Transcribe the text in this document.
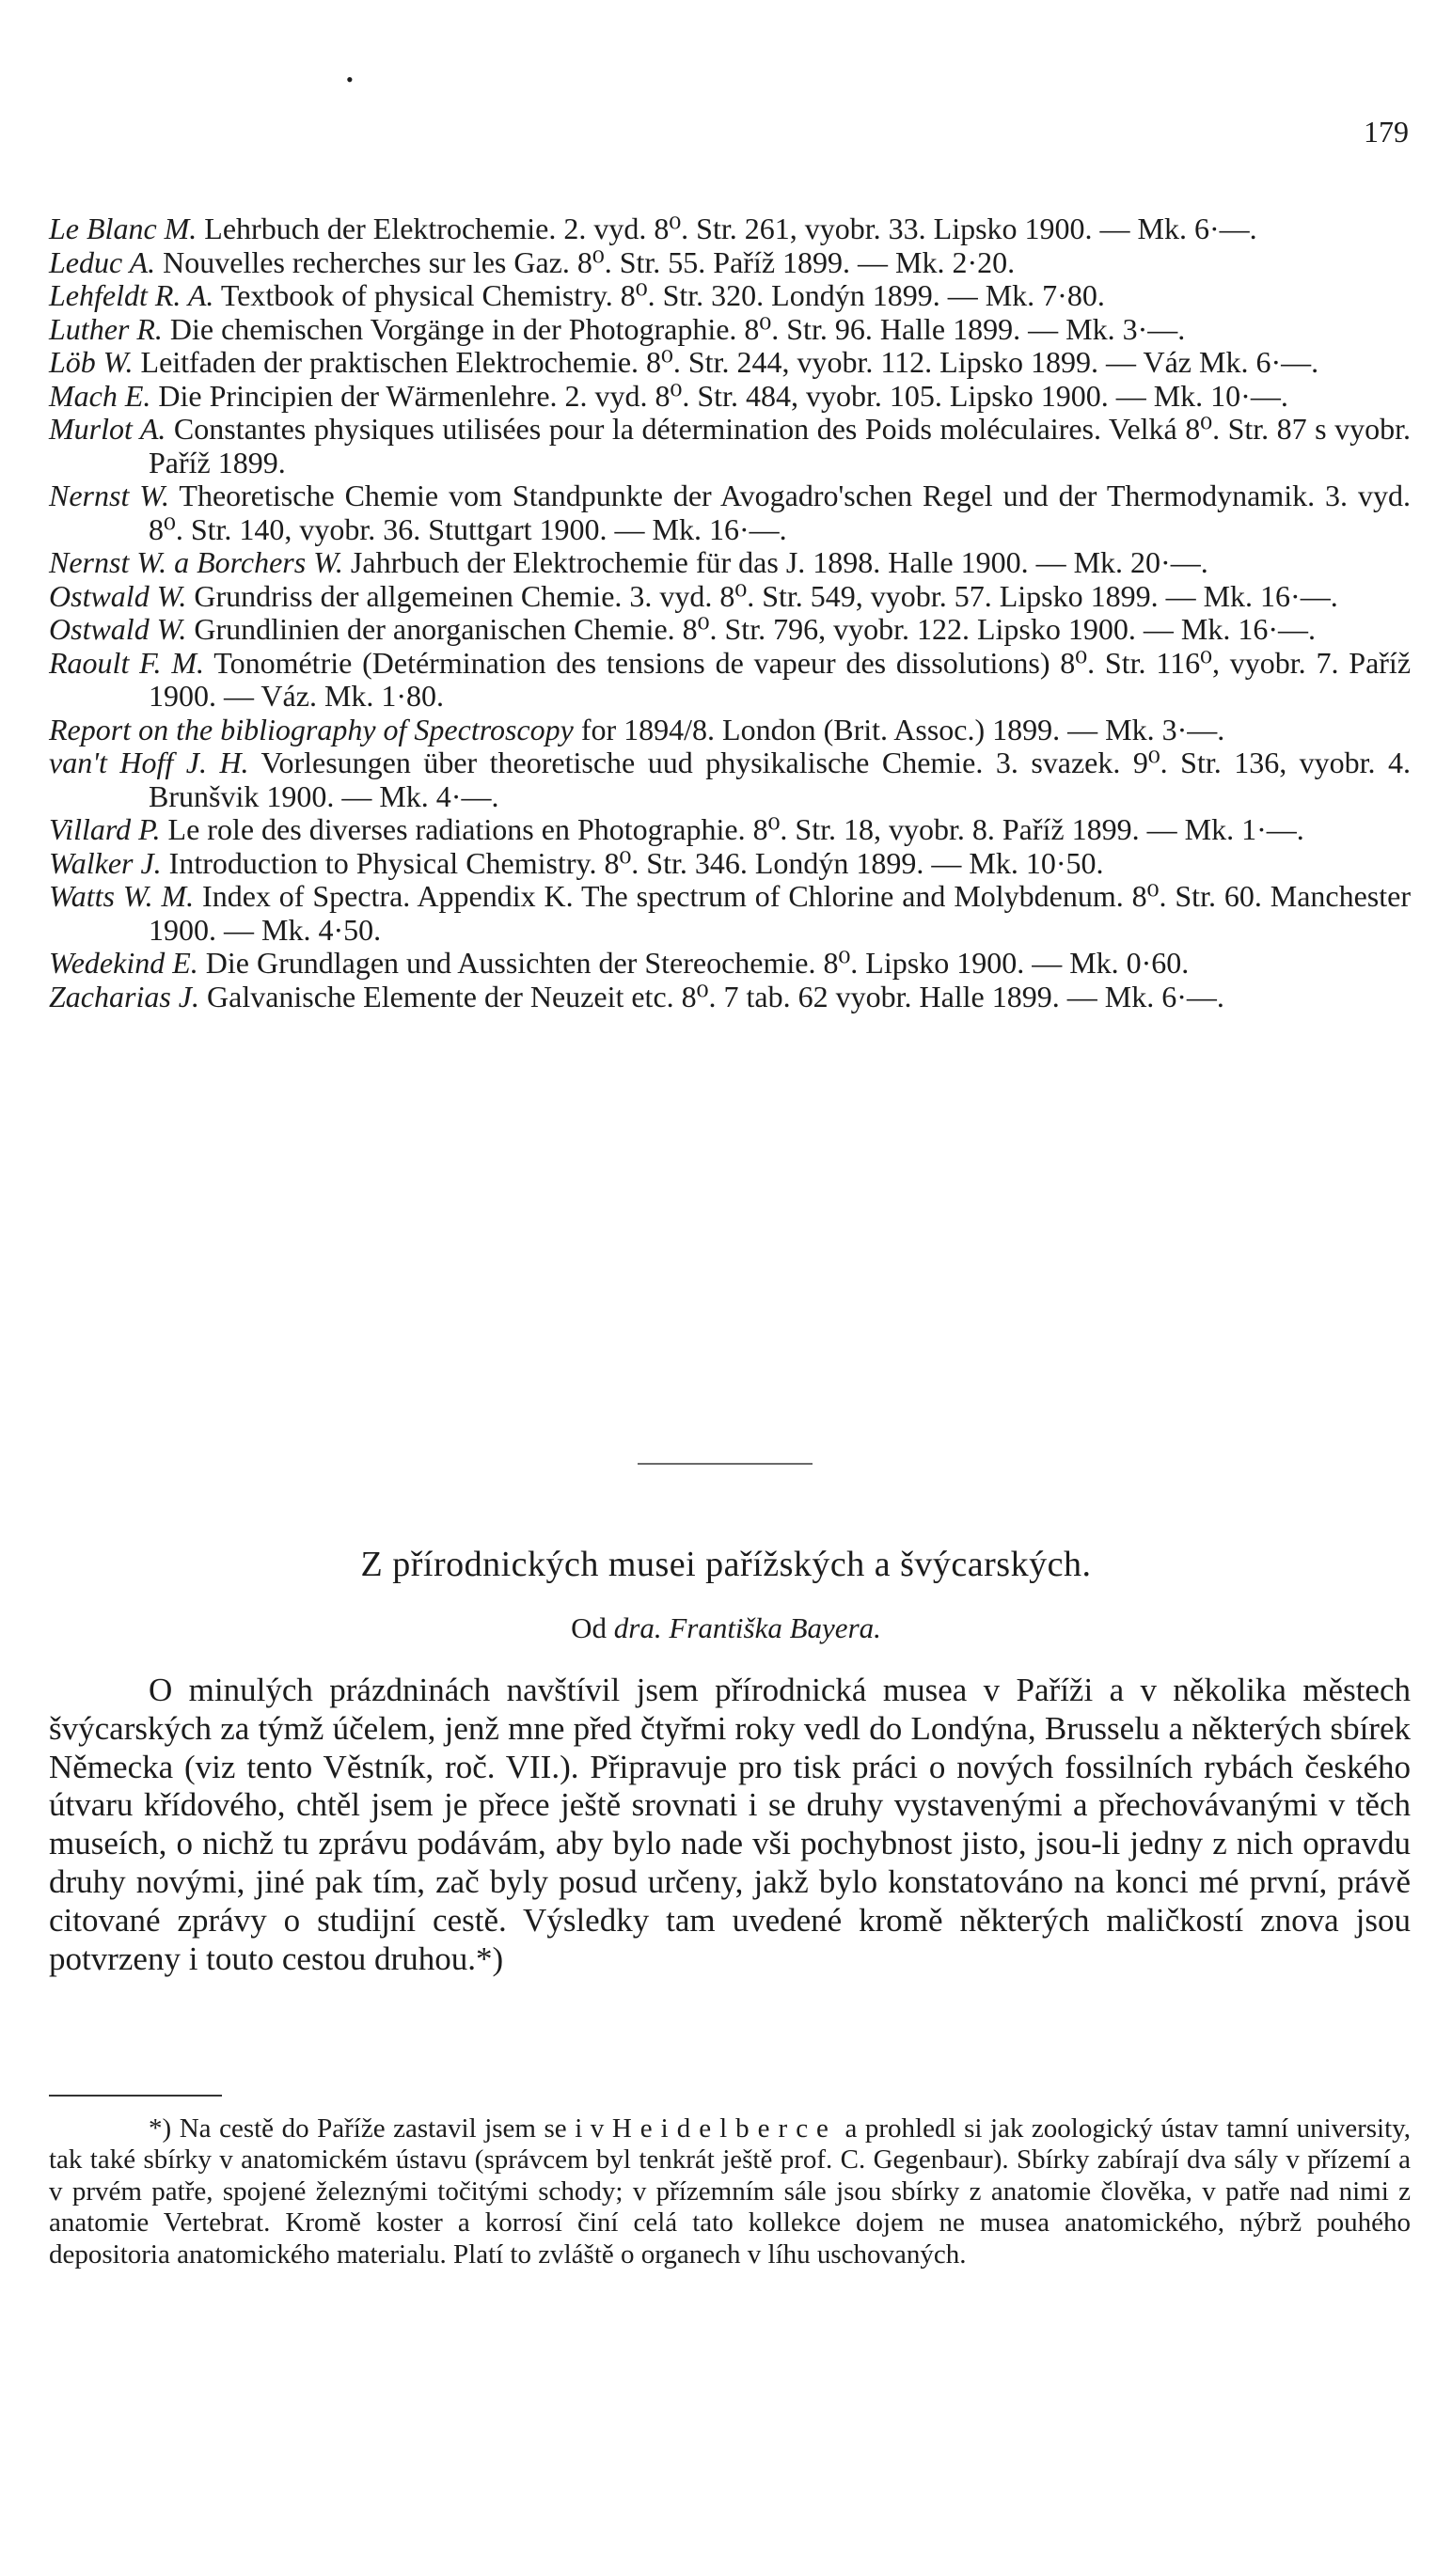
•
179
Le Blanc M. Lehrbuch der Elektrochemie. 2. vyd. 8⁰. Str. 261, vyobr. 33. Lipsko 1900. — Mk. 6·—.
Leduc A. Nouvelles recherches sur les Gaz. 8⁰. Str. 55. Paříž 1899. — Mk. 2·20.
Lehfeldt R. A. Textbook of physical Chemistry. 8⁰. Str. 320. Londýn 1899. — Mk. 7·80.
Luther R. Die chemischen Vorgänge in der Photographie. 8⁰. Str. 96. Halle 1899. — Mk. 3·—.
Löb W. Leitfaden der praktischen Elektrochemie. 8⁰. Str. 244, vyobr. 112. Lipsko 1899. — Váz Mk. 6·—.
Mach E. Die Principien der Wärmenlehre. 2. vyd. 8⁰. Str. 484, vyobr. 105. Lipsko 1900. — Mk. 10·—.
Murlot A. Constantes physiques utilisées pour la détermination des Poids moléculaires. Velká 8⁰. Str. 87 s vyobr. Paříž 1899.
Nernst W. Theoretische Chemie vom Standpunkte der Avogadro'schen Regel und der Thermodynamik. 3. vyd. 8⁰. Str. 140, vyobr. 36. Stuttgart 1900. — Mk. 16·—.
Nernst W. a Borchers W. Jahrbuch der Elektrochemie für das J. 1898. Halle 1900. — Mk. 20·—.
Ostwald W. Grundriss der allgemeinen Chemie. 3. vyd. 8⁰. Str. 549, vyobr. 57. Lipsko 1899. — Mk. 16·—.
Ostwald W. Grundlinien der anorganischen Chemie. 8⁰. Str. 796, vyobr. 122. Lipsko 1900. — Mk. 16·—.
Raoult F. M. Tonométrie (Detérmination des tensions de vapeur des dissolutions) 8⁰. Str. 116⁰, vyobr. 7. Paříž 1900. — Váz. Mk. 1·80.
Report on the bibliography of Spectroscopy for 1894/8. London (Brit. Assoc.) 1899. — Mk. 3·—.
van't Hoff J. H. Vorlesungen über theoretische uud physikalische Chemie. 3. svazek. 9⁰. Str. 136, vyobr. 4. Brunšvik 1900. — Mk. 4·—.
Villard P. Le role des diverses radiations en Photographie. 8⁰. Str. 18, vyobr. 8. Paříž 1899. — Mk. 1·—.
Walker J. Introduction to Physical Chemistry. 8⁰. Str. 346. Londýn 1899. — Mk. 10·50.
Watts W. M. Index of Spectra. Appendix K. The spectrum of Chlorine and Molybdenum. 8⁰. Str. 60. Manchester 1900. — Mk. 4·50.
Wedekind E. Die Grundlagen und Aussichten der Stereochemie. 8⁰. Lipsko 1900. — Mk. 0·60.
Zacharias J. Galvanische Elemente der Neuzeit etc. 8⁰. 7 tab. 62 vyobr. Halle 1899. — Mk. 6·—.
Z přírodnických musei pařížských a švýcarských.
Od dra. Františka Bayera.
O minulých prázdninách navštívil jsem přírodnická musea v Paříži a v několika městech švýcarských za týmž účelem, jenž mne před čtyřmi roky vedl do Londýna, Brusselu a některých sbírek Německa (viz tento Věstník, roč. VII.). Připravuje pro tisk práci o nových fossilních rybách českého útvaru křídového, chtěl jsem je přece ještě srovnati i se druhy vystavenými a přechovávanými v těch museích, o nichž tu zprávu podávám, aby bylo nade vši pochybnost jisto, jsou-li jedny z nich opravdu druhy novými, jiné pak tím, zač byly posud určeny, jakž bylo konstatováno na konci mé první, právě citované zprávy o studijní cestě. Výsledky tam uvedené kromě některých maličkostí znova jsou potvrzeny i touto cestou druhou.*)
*) Na cestě do Paříže zastavil jsem se i v Heidelberce a prohledl si jak zoologický ústav tamní university, tak také sbírky v anatomickém ústavu (správcem byl tenkrát ještě prof. C. Gegenbaur). Sbírky zabírají dva sály v přízemí a v prvém patře, spojené železnými točitými schody; v přízemním sále jsou sbírky z anatomie člověka, v patře nad nimi z anatomie Vertebrat. Kromě koster a korrosí činí celá tato kollekce dojem ne musea anatomického, nýbrž pouhého depositoria anatomického materialu. Platí to zvláště o organech v líhu uschovaných.
